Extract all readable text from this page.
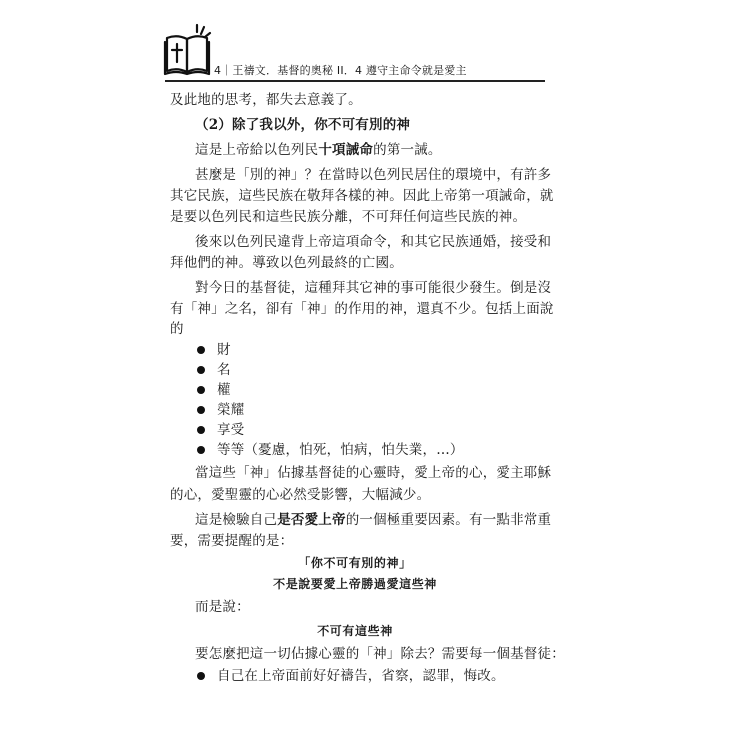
4｜王禱文．基督的奧秘 II．4 遵守主命令就是愛主
及此地的思考，都失去意義了。
（2）除了我以外，你不可有別的神
這是上帝給以色列民十項誡命的第一誡。
甚麼是「別的神」？在當時以色列民居住的環境中，有許多
其它民族，這些民族在敬拜各樣的神。因此上帝第一項誡命，就
是要以色列民和這些民族分離，不可拜任何這些民族的神。
後來以色列民違背上帝這項命令，和其它民族通婚，接受和
拜他們的神。導致以色列最終的亡國。
對今日的基督徒，這種拜其它神的事可能很少發生。倒是沒
有「神」之名，卻有「神」的作用的神，還真不少。包括上面說
的
財
名
權
榮耀
享受
等等（憂慮，怕死，怕病，怕失業，…）
當這些「神」佔據基督徒的心靈時，愛上帝的心，愛主耶穌
的心，愛聖靈的心必然受影響，大幅減少。
這是檢驗自己是否愛上帝的一個極重要因素。有一點非常重
要，需要提醒的是：
「你不可有別的神」
不是說要愛上帝勝過愛這些神
而是說：
不可有這些神
要怎麼把這一切佔據心靈的「神」除去？需要每一個基督徒：
自己在上帝面前好好禱告，省察，認罪，悔改。
